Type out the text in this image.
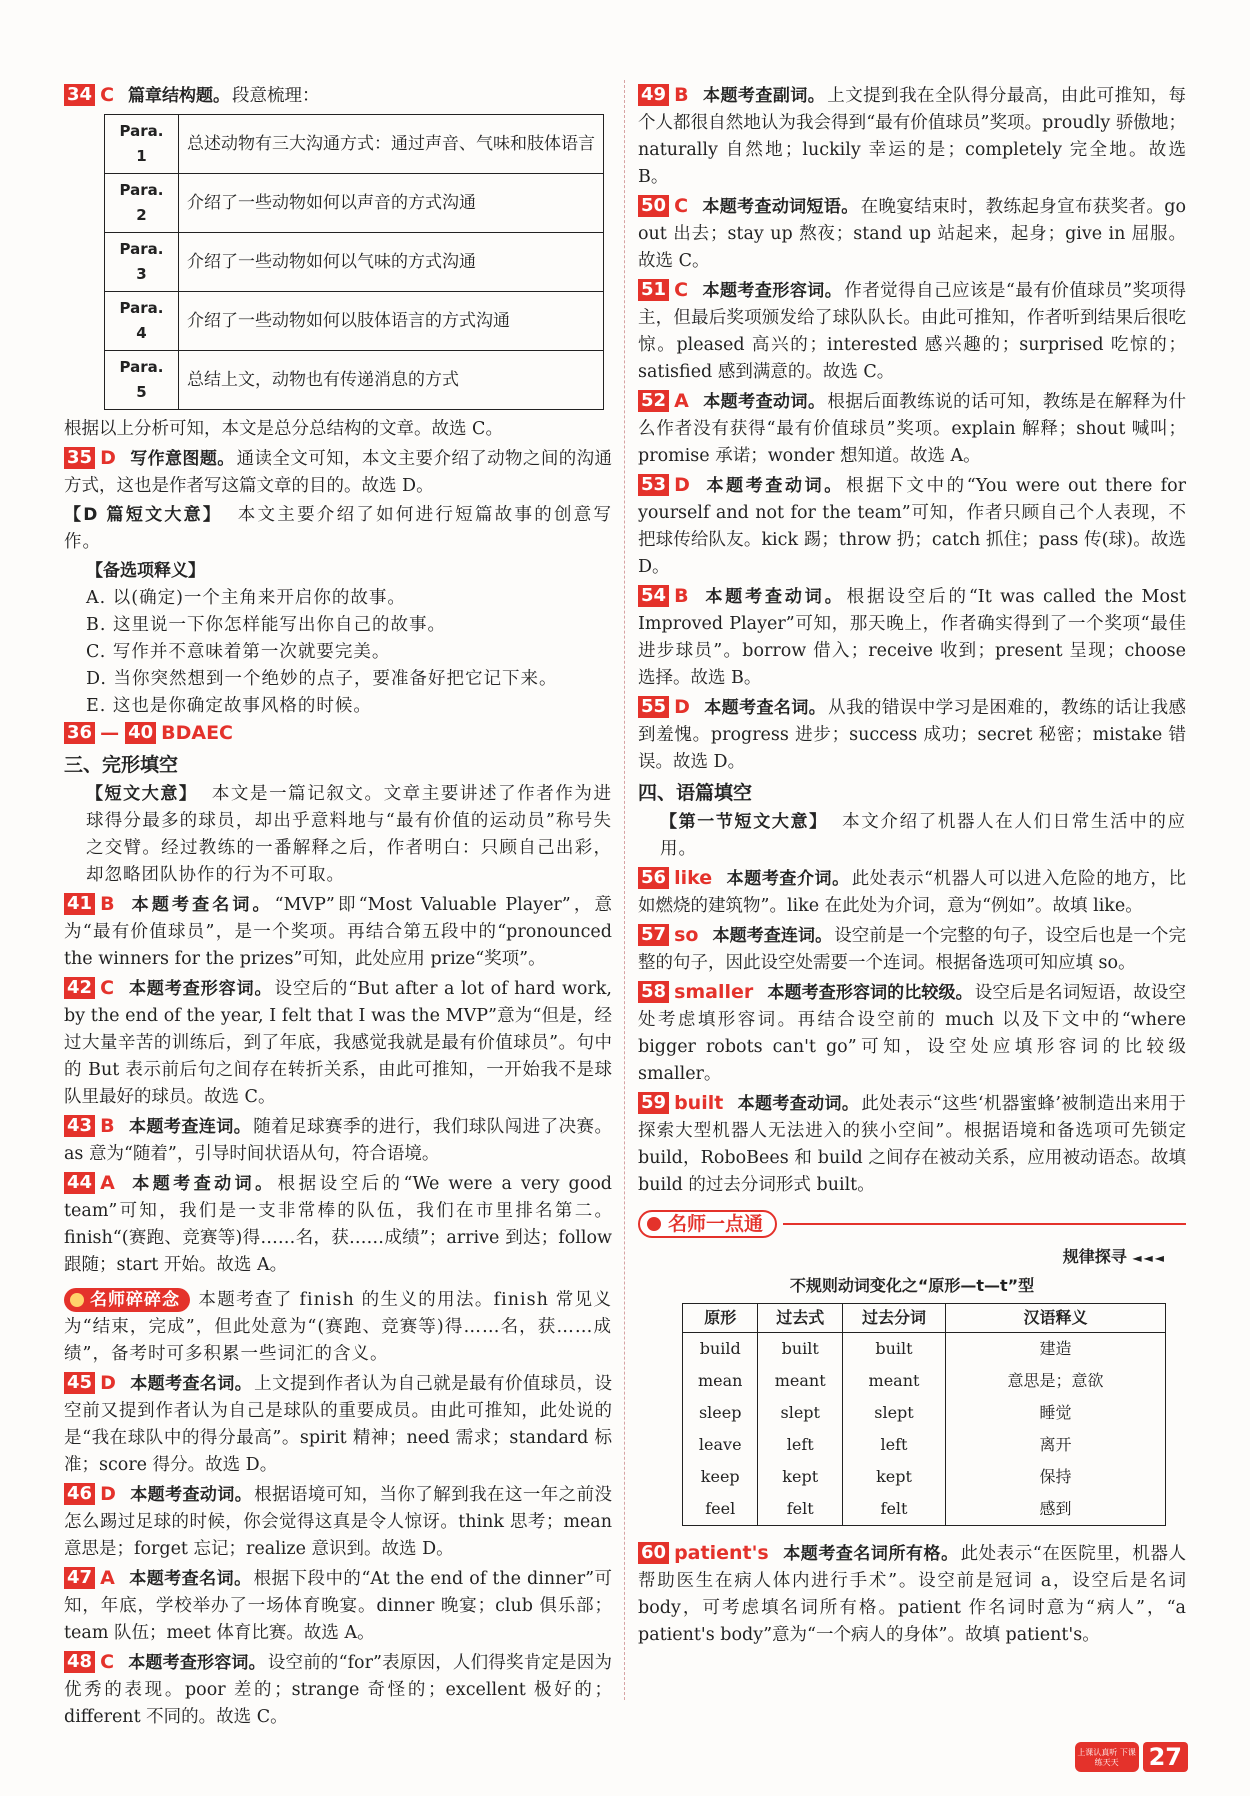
34 C 篇章结构题。 段意梳理：
Para. 1	总述动物有三大沟通方式：通过声音、气味和肢体语言
Para. 2	介绍了一些动物如何以声音的方式沟通
Para. 3	介绍了一些动物如何以气味的方式沟通
Para. 4	介绍了一些动物如何以肢体语言的方式沟通
Para. 5	总结上文，动物也有传递消息的方式
根据以上分析可知，本文是总分总结构的文章。故选 C。
35 D 写作意图题。 通读全文可知，本文主要介绍了动物之间的沟通方式，这也是作者写这篇文章的目的。故选 D。
【D 篇短文大意】 本文主要介绍了如何进行短篇故事的创意写作。
【备选项释义】
A. 以(确定)一个主角来开启你的故事。
B. 这里说一下你怎样能写出你自己的故事。
C. 写作并不意味着第一次就要完美。
D. 当你突然想到一个绝妙的点子，要准备好把它记下来。
E. 这也是你确定故事风格的时候。
36 — 40 BDAEC
三、完形填空
【短文大意】 本文是一篇记叙文。文章主要讲述了作者作为进球得分最多的球员，却出乎意料地与“最有价值的运动员”称号失之交臂。经过教练的一番解释之后，作者明白：只顾自己出彩，却忽略团队协作的行为不可取。
41 B 本题考查名词。 “MVP”即“Most Valuable Player”，意为“最有价值球员”，是一个奖项。再结合第五段中的“pronounced the winners for the prizes”可知，此处应用 prize“奖项”。
42 C 本题考查形容词。 设空后的“But after a lot of hard work, by the end of the year, I felt that I was the MVP”意为“但是，经过大量辛苦的训练后，到了年底，我感觉我就是最有价值球员”。句中的 But 表示前后句之间存在转折关系，由此可推知，一开始我不是球队里最好的球员。故选 C。
43 B 本题考查连词。 随着足球赛季的进行，我们球队闯进了决赛。as 意为“随着”，引导时间状语从句，符合语境。
44 A 本题考查动词。 根据设空后的“We were a very good team”可知，我们是一支非常棒的队伍，我们在市里排名第二。finish“(赛跑、竞赛等)得……名，获……成绩”；arrive 到达；follow 跟随；start 开始。故选 A。
名师碎碎念 本题考查了 finish 的生义的用法。finish 常见义为“结束，完成”，但此处意为“(赛跑、竞赛等)得……名，获……成绩”，备考时可多积累一些词汇的含义。
45 D 本题考查名词。 上文提到作者认为自己就是最有价值球员，设空前又提到作者认为自己是球队的重要成员。由此可推知，此处说的是“我在球队中的得分最高”。spirit 精神；need 需求；standard 标准；score 得分。故选 D。
46 D 本题考查动词。 根据语境可知，当你了解到我在这一年之前没怎么踢过足球的时候，你会觉得这真是令人惊讶。think 思考；mean 意思是；forget 忘记；realize 意识到。故选 D。
47 A 本题考查名词。 根据下段中的“At the end of the dinner”可知，年底，学校举办了一场体育晚宴。dinner 晚宴；club 俱乐部；team 队伍；meet 体育比赛。故选 A。
48 C 本题考查形容词。 设空前的“for”表原因，人们得奖肯定是因为优秀的表现。poor 差的；strange 奇怪的；excellent 极好的；different 不同的。故选 C。
49 B 本题考查副词。 上文提到我在全队得分最高，由此可推知，每个人都很自然地认为我会得到“最有价值球员”奖项。proudly 骄傲地；naturally 自然地；luckily 幸运的是；completely 完全地。故选 B。
50 C 本题考查动词短语。 在晚宴结束时，教练起身宣布获奖者。go out 出去；stay up 熬夜；stand up 站起来，起身；give in 屈服。故选 C。
51 C 本题考查形容词。 作者觉得自己应该是“最有价值球员”奖项得主，但最后奖项颁发给了球队队长。由此可推知，作者听到结果后很吃惊。pleased 高兴的；interested 感兴趣的；surprised 吃惊的；satisfied 感到满意的。故选 C。
52 A 本题考查动词。 根据后面教练说的话可知，教练是在解释为什么作者没有获得“最有价值球员”奖项。explain 解释；shout 喊叫；promise 承诺；wonder 想知道。故选 A。
53 D 本题考查动词。 根据下文中的“You were out there for yourself and not for the team”可知，作者只顾自己个人表现，不把球传给队友。kick 踢；throw 扔；catch 抓住；pass 传(球)。故选 D。
54 B 本题考查动词。 根据设空后的“It was called the Most Improved Player”可知，那天晚上，作者确实得到了一个奖项“最佳进步球员”。borrow 借入；receive 收到；present 呈现；choose 选择。故选 B。
55 D 本题考查名词。 从我的错误中学习是困难的，教练的话让我感到羞愧。progress 进步；success 成功；secret 秘密；mistake 错误。故选 D。
四、语篇填空
【第一节短文大意】 本文介绍了机器人在人们日常生活中的应用。
56 like 本题考查介词。 此处表示“机器人可以进入危险的地方，比如燃烧的建筑物”。like 在此处为介词，意为“例如”。故填 like。
57 so 本题考查连词。 设空前是一个完整的句子，设空后也是一个完整的句子，因此设空处需要一个连词。根据备选项可知应填 so。
58 smaller 本题考查形容词的比较级。 设空后是名词短语，故设空处考虑填形容词。再结合设空前的 much 以及下文中的“where bigger robots can't go”可知，设空处应填形容词的比较级 smaller。
59 built 本题考查动词。 此处表示“这些‘机器蜜蜂’被制造出来用于探索大型机器人无法进入的狭小空间”。根据语境和备选项可先锁定 build，RoboBees 和 build 之间存在被动关系，应用被动语态。故填 build 的过去分词形式 built。
名师一点通
规律探寻 ◄◄◄
不规则动词变化之“原形—t—t”型
原形	过去式	过去分词	汉语释义
build	built	built	建造
mean	meant	meant	意思是；意欲
sleep	slept	slept	睡觉
leave	left	left	离开
keep	kept	kept	保持
feel	felt	felt	感到
60 patient's 本题考查名词所有格。 此处表示“在医院里，机器人帮助医生在病人体内进行手术”。设空前是冠词 a，设空后是名词 body，可考虑填名词所有格。patient 作名词时意为“病人”，“a patient's body”意为“一个病人的身体”。故填 patient's。
上课认真听 下课练天天	27
